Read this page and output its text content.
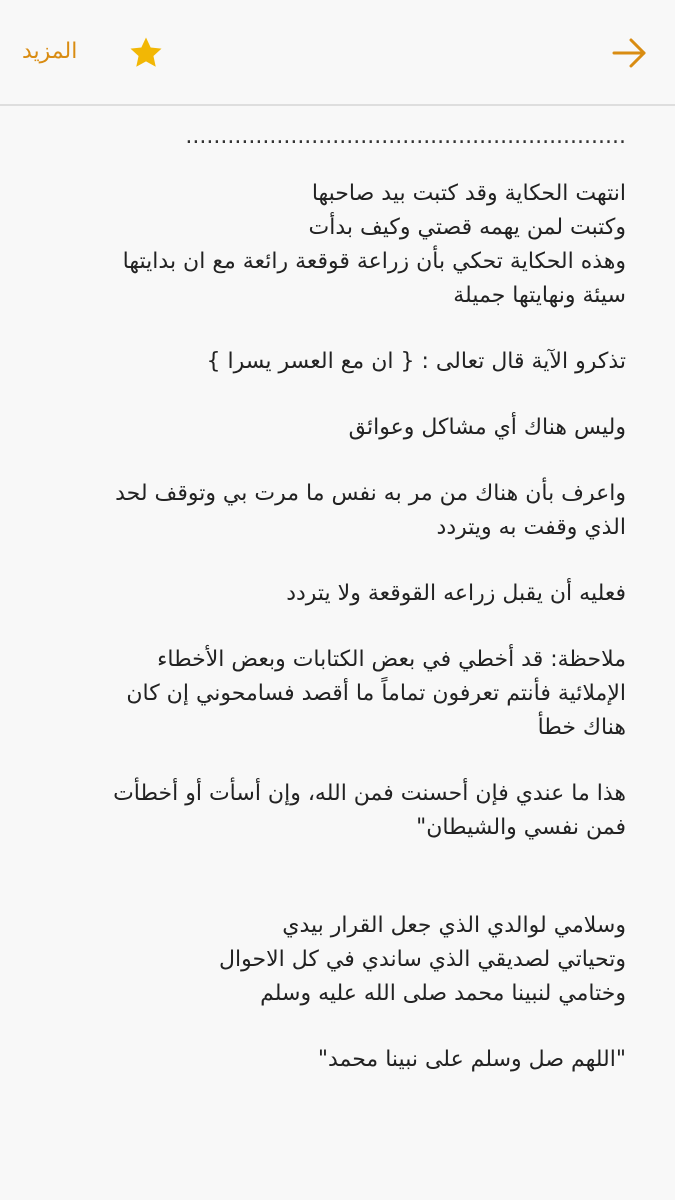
المزيد
...............................................................
انتهت الحكاية وقد كتبت بيد صاحبها
وكتبت لمن يهمه قصتي وكيف بدأت
وهذه الحكاية تحكي بأن زراعة قوقعة رائعة مع ان بدايتها
سيئة ونهايتها جميلة
تذكرو الآية قال تعالى : { ان مع العسر يسرا }
وليس هناك أي مشاكل وعوائق
واعرف بأن هناك من مر به نفس ما مرت بي وتوقف لحد
الذي وقفت به ويتردد
فعليه أن يقبل زراعه القوقعة ولا يتردد
ملاحظة: قد أخطي في بعض الكتابات وبعض الأخطاء
الإملائية فأنتم تعرفون تماماً ما أقصد فسامحوني إن كان
هناك خطأ
هذا ما عندي فإن أحسنت فمن الله، وإن أسأت أو أخطأت
فمن نفسي والشيطان"
وسلامي لوالدي الذي جعل القرار بيدي
وتحياتي لصديقي الذي ساندي في كل الاحوال
وختامي لنبينا محمد صلى الله عليه وسلم
"اللهم صل وسلم على نبينا محمد"
